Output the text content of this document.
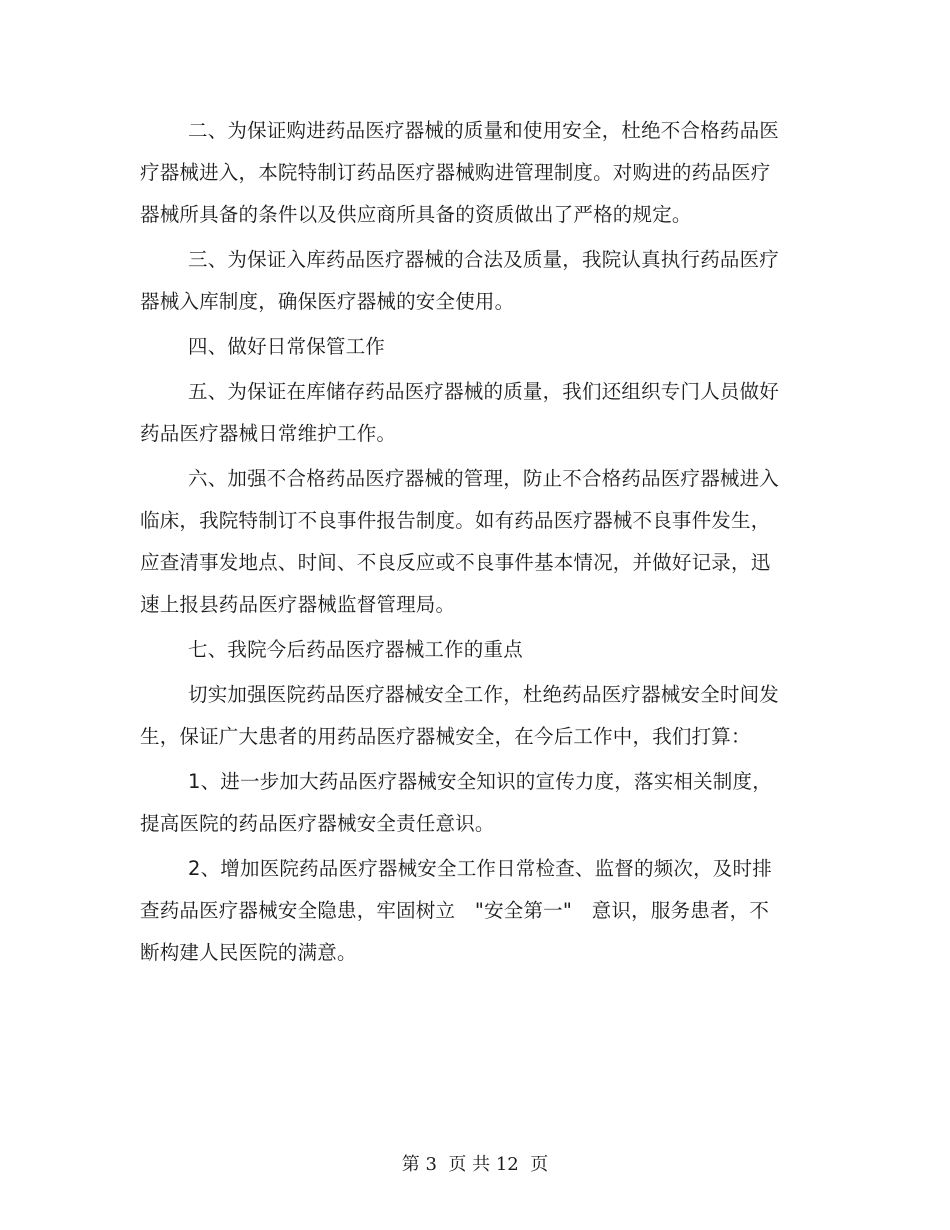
二、为保证购进药品医疗器械的质量和使用安全，杜绝不合格药品医疗器械进入，本院特制订药品医疗器械购进管理制度。对购进的药品医疗器械所具备的条件以及供应商所具备的资质做出了严格的规定。

三、为保证入库药品医疗器械的合法及质量，我院认真执行药品医疗器械入库制度，确保医疗器械的安全使用。

四、做好日常保管工作

五、为保证在库储存药品医疗器械的质量，我们还组织专门人员做好药品医疗器械日常维护工作。

六、加强不合格药品医疗器械的管理，防止不合格药品医疗器械进入临床，我院特制订不良事件报告制度。如有药品医疗器械不良事件发生，应查清事发地点、时间、不良反应或不良事件基本情况，并做好记录，迅速上报县药品医疗器械监督管理局。

七、我院今后药品医疗器械工作的重点

切实加强医院药品医疗器械安全工作，杜绝药品医疗器械安全时间发生，保证广大患者的用药品医疗器械安全，在今后工作中，我们打算：

1、进一步加大药品医疗器械安全知识的宣传力度，落实相关制度，提高医院的药品医疗器械安全责任意识。

2、增加医院药品医疗器械安全工作日常检查、监督的频次，及时排查药品医疗器械安全隐患，牢固树立　"安全第一"　意识，服务患者，不断构建人民医院的满意。

第 3  页 共 12  页
